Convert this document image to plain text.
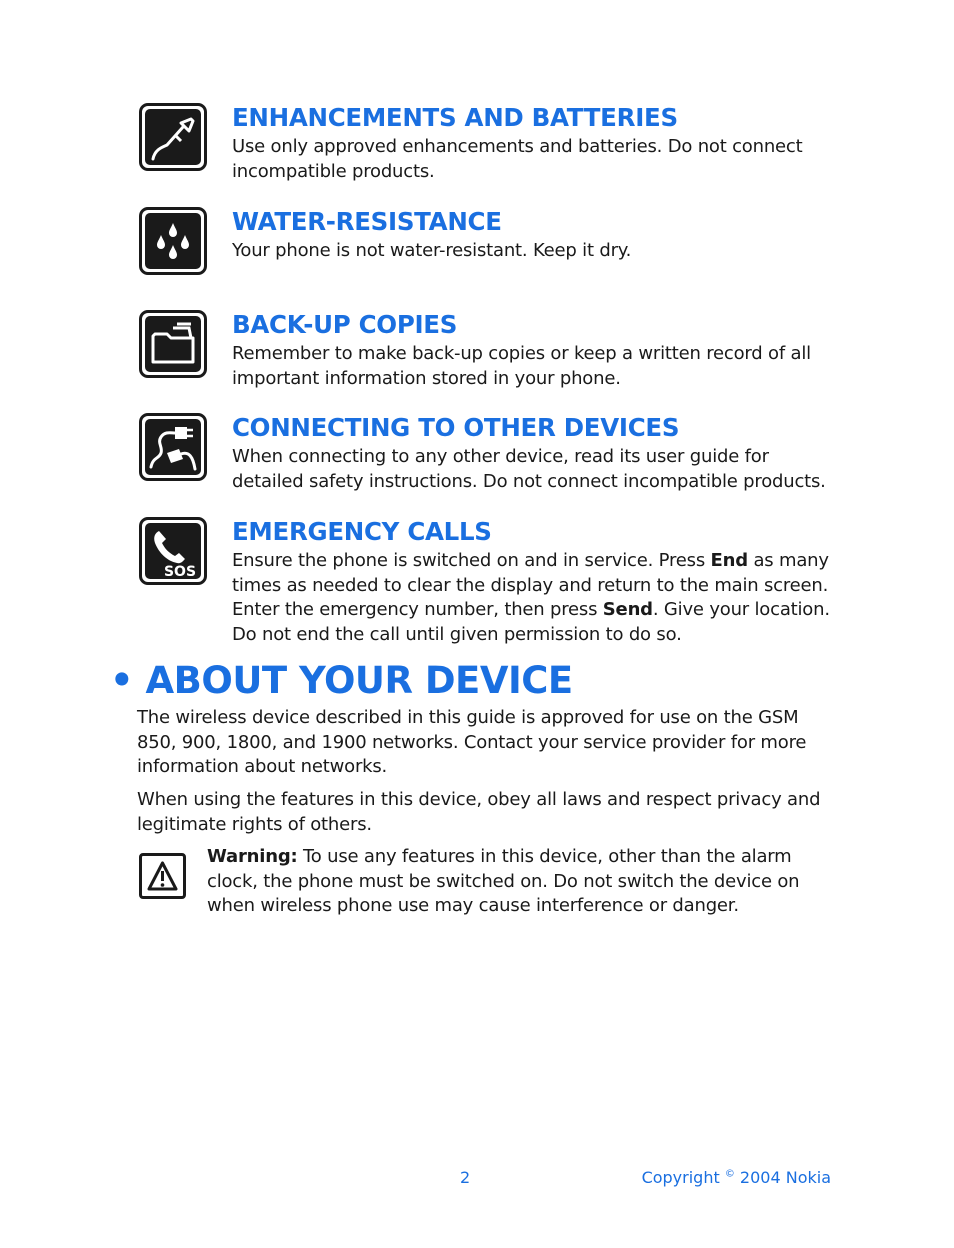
ENHANCEMENTS AND BATTERIES

Use only approved enhancements and batteries. Do not connect incompatible products.

WATER-RESISTANCE

Your phone is not water-resistant. Keep it dry.

BACK-UP COPIES

Remember to make back-up copies or keep a written record of all important information stored in your phone.

CONNECTING TO OTHER DEVICES

When connecting to any other device, read its user guide for detailed safety instructions. Do not connect incompatible products.

SOS
EMERGENCY CALLS

Ensure the phone is switched on and in service. Press End as many times as needed to clear the display and return to the main screen. Enter the emergency number, then press Send. Give your location. Do not end the call until given permission to do so.

• ABOUT YOUR DEVICE

The wireless device described in this guide is approved for use on the GSM 850, 900, 1800, and 1900 networks. Contact your service provider for more information about networks.

When using the features in this device, obey all laws and respect privacy and legitimate rights of others.

Warning: To use any features in this device, other than the alarm clock, the phone must be switched on. Do not switch the device on when wireless phone use may cause interference or danger.

2	Copyright © 2004 Nokia
